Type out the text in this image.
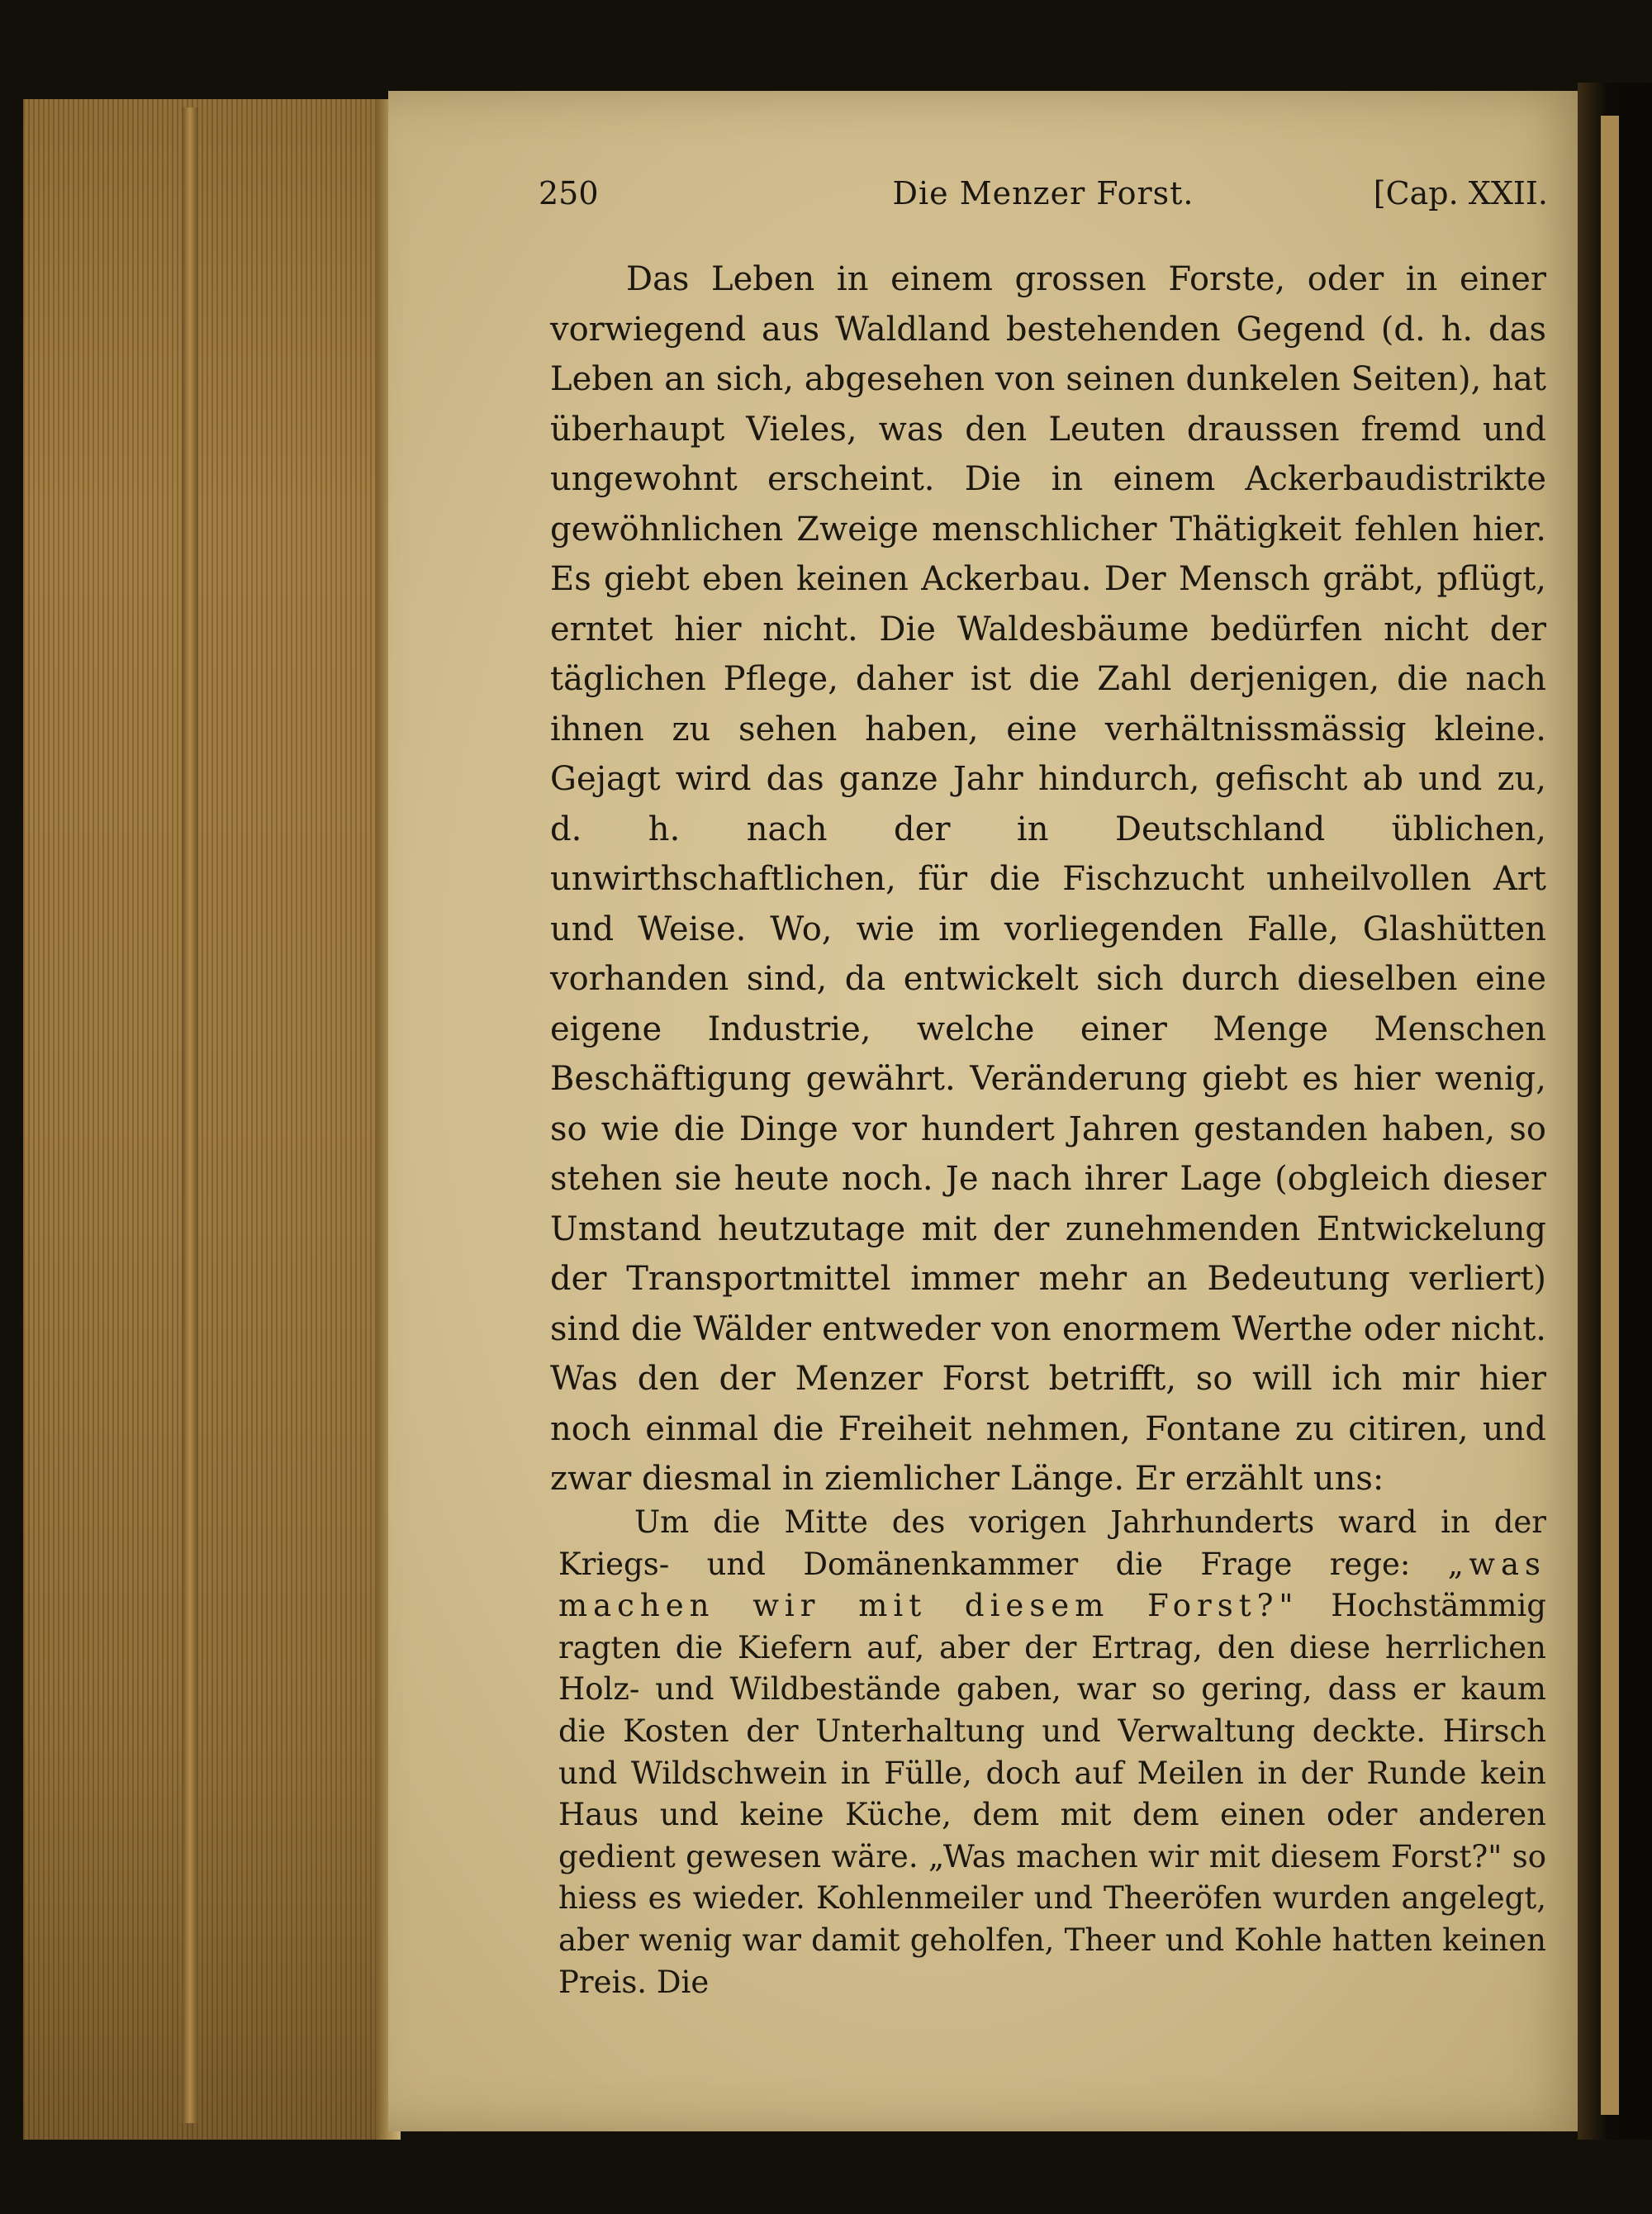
250	Die Menzer Forst.	[Cap. XXII.

Das Leben in einem grossen Forste, oder in einer vorwiegend aus Waldland bestehenden Gegend (d. h. das Leben an sich, abgesehen von seinen dunkelen Seiten), hat überhaupt Vieles, was den Leuten draussen fremd und ungewohnt erscheint. Die in einem Ackerbaudistrikte gewöhnlichen Zweige menschlicher Thätigkeit fehlen hier. Es giebt eben keinen Ackerbau. Der Mensch gräbt, pflügt, erntet hier nicht. Die Waldesbäume bedürfen nicht der täglichen Pflege, daher ist die Zahl derjenigen, die nach ihnen zu sehen haben, eine verhältnissmässig kleine. Gejagt wird das ganze Jahr hindurch, gefischt ab und zu, d. h. nach der in Deutschland üblichen, unwirthschaftlichen, für die Fischzucht unheilvollen Art und Weise. Wo, wie im vorliegenden Falle, Glashütten vorhanden sind, da entwickelt sich durch dieselben eine eigene Industrie, welche einer Menge Menschen Beschäftigung gewährt. Veränderung giebt es hier wenig, so wie die Dinge vor hundert Jahren gestanden haben, so stehen sie heute noch. Je nach ihrer Lage (obgleich dieser Umstand heutzutage mit der zunehmenden Entwickelung der Transportmittel immer mehr an Bedeutung verliert) sind die Wälder entweder von enormem Werthe oder nicht. Was den der Menzer Forst betrifft, so will ich mir hier noch einmal die Freiheit nehmen, Fontane zu citiren, und zwar diesmal in ziemlicher Länge. Er erzählt uns:

Um die Mitte des vorigen Jahrhunderts ward in der Kriegs- und Domänenkammer die Frage rege: „was machen wir mit diesem Forst?" Hochstämmig ragten die Kiefern auf, aber der Ertrag, den diese herrlichen Holz- und Wildbestände gaben, war so gering, dass er kaum die Kosten der Unterhaltung und Verwaltung deckte. Hirsch und Wildschwein in Fülle, doch auf Meilen in der Runde kein Haus und keine Küche, dem mit dem einen oder anderen gedient gewesen wäre. „Was machen wir mit diesem Forst?" so hiess es wieder. Kohlenmeiler und Theeröfen wurden angelegt, aber wenig war damit geholfen, Theer und Kohle hatten keinen Preis. Die
